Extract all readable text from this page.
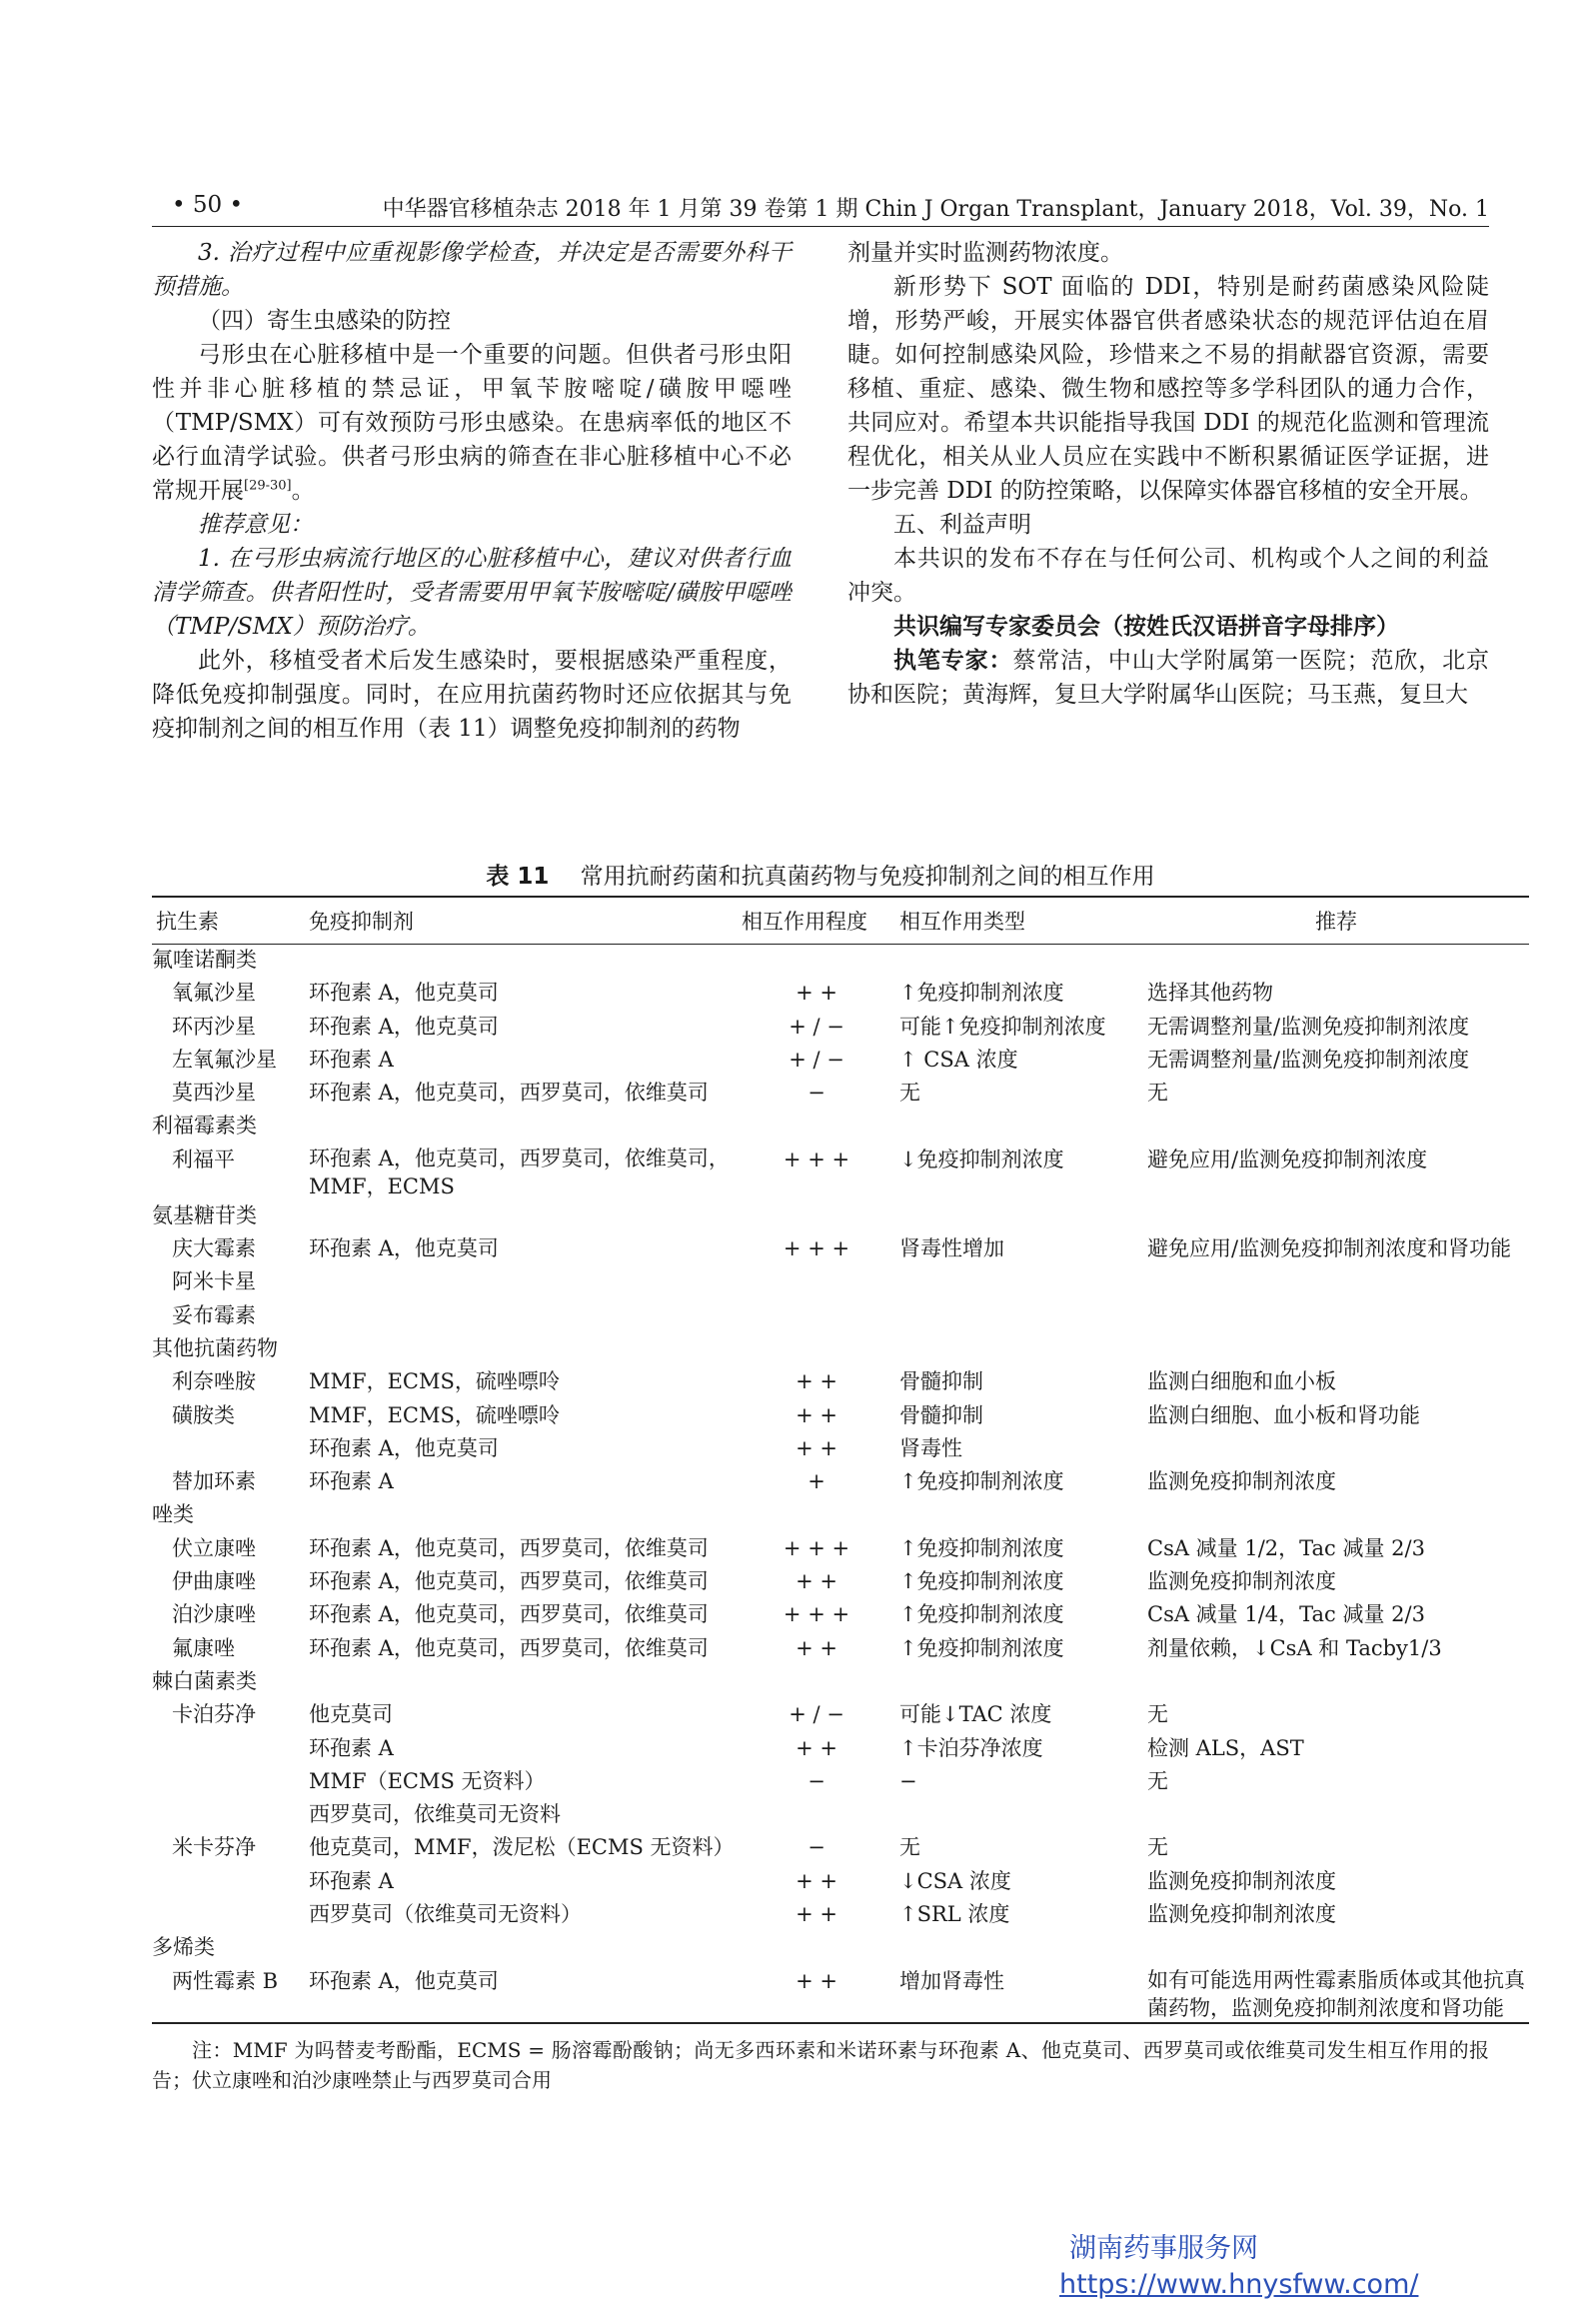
• 50 •	中华器官移植杂志 2018 年 1 月第 39 卷第 1 期 Chin J Organ Transplant，January 2018，Vol. 39，No. 1

3. 治疗过程中应重视影像学检查，并决定是否需要外科干预措施。

（四）寄生虫感染的防控

弓形虫在心脏移植中是一个重要的问题。但供者弓形虫阳性并非心脏移植的禁忌证，甲氧苄胺嘧啶/磺胺甲噁唑（TMP/SMX）可有效预防弓形虫感染。在患病率低的地区不必行血清学试验。供者弓形虫病的筛查在非心脏移植中心不必常规开展[29-30]。

推荐意见：

1. 在弓形虫病流行地区的心脏移植中心，建议对供者行血清学筛查。供者阳性时，受者需要用甲氧苄胺嘧啶/磺胺甲噁唑（TMP/SMX）预防治疗。

此外，移植受者术后发生感染时，要根据感染严重程度，降低免疫抑制强度。同时，在应用抗菌药物时还应依据其与免疫抑制剂之间的相互作用（表 11）调整免疫抑制剂的药物

剂量并实时监测药物浓度。

新形势下 SOT 面临的 DDI，特别是耐药菌感染风险陡增，形势严峻，开展实体器官供者感染状态的规范评估迫在眉睫。如何控制感染风险，珍惜来之不易的捐献器官资源，需要移植、重症、感染、微生物和感控等多学科团队的通力合作，共同应对。希望本共识能指导我国 DDI 的规范化监测和管理流程优化，相关从业人员应在实践中不断积累循证医学证据，进一步完善 DDI 的防控策略，以保障实体器官移植的安全开展。

五、利益声明

本共识的发布不存在与任何公司、机构或个人之间的利益冲突。

共识编写专家委员会（按姓氏汉语拼音字母排序）

执笔专家：蔡常洁，中山大学附属第一医院；范欣，北京协和医院；黄海辉，复旦大学附属华山医院；马玉燕，复旦大

表 11 常用抗耐药菌和抗真菌药物与免疫抑制剂之间的相互作用
抗生素	免疫抑制剂	相互作用程度	相互作用类型	推荐
氟喹诺酮类				
氧氟沙星	环孢素 A，他克莫司	+ +	↑免疫抑制剂浓度	选择其他药物
环丙沙星	环孢素 A，他克莫司	+ / −	可能↑免疫抑制剂浓度	无需调整剂量/监测免疫抑制剂浓度
左氧氟沙星	环孢素 A	+ / −	↑ CSA 浓度	无需调整剂量/监测免疫抑制剂浓度
莫西沙星	环孢素 A，他克莫司，西罗莫司，依维莫司	−	无	无
利福霉素类				
利福平	环孢素 A，他克莫司，西罗莫司，依维莫司，MMF，ECMS	+ + +	↓免疫抑制剂浓度	避免应用/监测免疫抑制剂浓度
氨基糖苷类				
庆大霉素	环孢素 A，他克莫司	+ + +	肾毒性增加	避免应用/监测免疫抑制剂浓度和肾功能
阿米卡星				
妥布霉素				
其他抗菌药物				
利奈唑胺	MMF，ECMS，硫唑嘌呤	+ +	骨髓抑制	监测白细胞和血小板
磺胺类	MMF，ECMS，硫唑嘌呤	+ +	骨髓抑制	监测白细胞、血小板和肾功能
	环孢素 A，他克莫司	+ +	肾毒性	
替加环素	环孢素 A	+	↑免疫抑制剂浓度	监测免疫抑制剂浓度
唑类				
伏立康唑	环孢素 A，他克莫司，西罗莫司，依维莫司	+ + +	↑免疫抑制剂浓度	CsA 减量 1/2，Tac 减量 2/3
伊曲康唑	环孢素 A，他克莫司，西罗莫司，依维莫司	+ +	↑免疫抑制剂浓度	监测免疫抑制剂浓度
泊沙康唑	环孢素 A，他克莫司，西罗莫司，依维莫司	+ + +	↑免疫抑制剂浓度	CsA 减量 1/4，Tac 减量 2/3
氟康唑	环孢素 A，他克莫司，西罗莫司，依维莫司	+ +	↑免疫抑制剂浓度	剂量依赖，↓CsA 和 Tacby1/3
棘白菌素类				
卡泊芬净	他克莫司	+ / −	可能↓TAC 浓度	无
	环孢素 A	+ +	↑卡泊芬净浓度	检测 ALS，AST
	MMF（ECMS 无资料）	−	−	无
	西罗莫司，依维莫司无资料			
米卡芬净	他克莫司，MMF，泼尼松（ECMS 无资料）	−	无	无
	环孢素 A	+ +	↓CSA 浓度	监测免疫抑制剂浓度
	西罗莫司（依维莫司无资料）	+ +	↑SRL 浓度	监测免疫抑制剂浓度
多烯类				
两性霉素 B	环孢素 A，他克莫司	+ +	增加肾毒性	如有可能选用两性霉素脂质体或其他抗真菌药物，监测免疫抑制剂浓度和肾功能
注：MMF 为吗替麦考酚酯，ECMS = 肠溶霉酚酸钠；尚无多西环素和米诺环素与环孢素 A、他克莫司、西罗莫司或依维莫司发生相互作用的报告；伏立康唑和泊沙康唑禁止与西罗莫司合用
湖南药事服务网
https://www.hnysfww.com/
